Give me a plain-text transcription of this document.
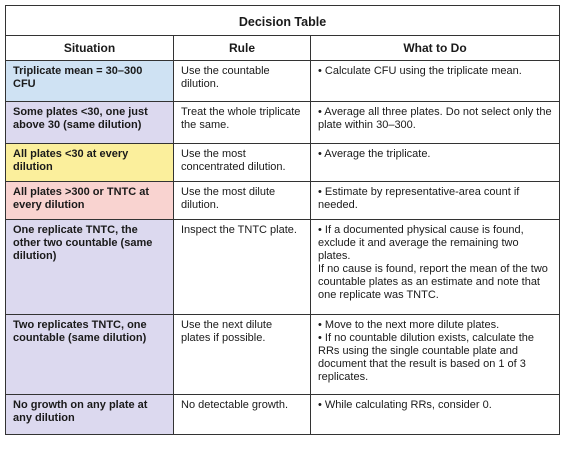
Decision Table		
Situation	Rule	What to Do
Triplicate mean = 30–300 CFU	Use the countable dilution.	• Calculate CFU using the triplicate mean.

Some plates <30, one just above 30 (same dilution)	Treat the whole triplicate the same.	• Average all three plates. Do not select only the plate within 30–300.

All plates <30 at every dilution	Use the most concentrated dilution.	• Average the triplicate.

All plates >300 or TNTC at every dilution	Use the most dilute dilution.	• Estimate by representative-area count if needed.

One replicate TNTC, the other two countable (same dilution)	Inspect the TNTC plate.	• If a documented physical cause is found, exclude it and average the remaining two plates.
If no cause is found, report the mean of the two countable plates as an estimate and note that one replicate was TNTC.

Two replicates TNTC, one countable (same dilution)	Use the next dilute plates if possible.	• Move to the next more dilute plates.
• If no countable dilution exists, calculate the RRs using the single countable plate and document that the result is based on 1 of 3 replicates.

No growth on any plate at any dilution	No detectable growth.	• While calculating RRs, consider 0.
